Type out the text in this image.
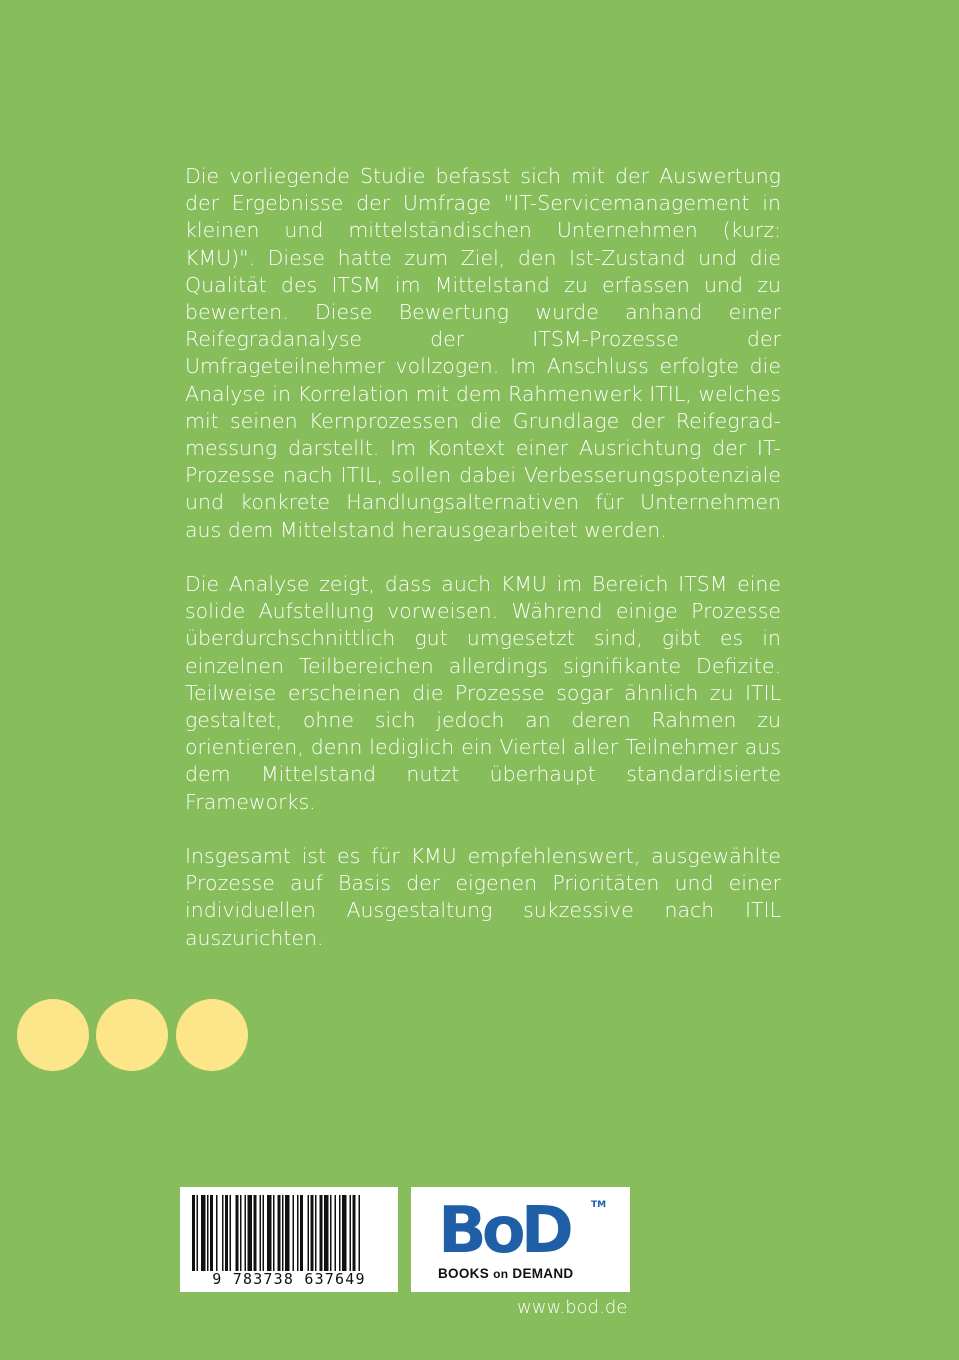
Die vorliegende Studie befasst sich mit der Auswertung der Ergebnisse der Umfrage "IT-Servicemanagement in kleinen und mittelständischen Unternehmen (kurz: KMU)". Diese hatte zum Ziel, den Ist-Zustand und die Qualität des ITSM im Mittelstand zu erfassen und zu bewerten. Diese Bewertung wurde anhand einer Reifegradanalyse der ITSM-Prozesse der Umfrageteilnehmer vollzogen. Im Anschluss erfolgte die Analyse in Korrelation mit dem Rahmenwerk ITIL, welches mit seinen Kernprozessen die Grundlage der Reifegradmessung darstellt. Im Kontext einer Ausrichtung der IT-Prozesse nach ITIL, sollen dabei Verbesserungspotenziale und konkrete Handlungsalternativen für Unternehmen aus dem Mittelstand herausgearbeitet werden.

Die Analyse zeigt, dass auch KMU im Bereich ITSM eine solide Aufstellung vorweisen. Während einige Prozesse überdurchschnittlich gut umgesetzt sind, gibt es in einzelnen Teilbereichen allerdings signifikante Defizite. Teilweise erscheinen die Prozesse sogar ähnlich zu ITIL gestaltet, ohne sich jedoch an deren Rahmen zu orientieren, denn lediglich ein Viertel aller Teilnehmer aus dem Mittelstand nutzt überhaupt standardisierte Frameworks.

Insgesamt ist es für KMU empfehlenswert, ausgewählte Prozesse auf Basis der eigenen Prioritäten und einer individuellen Ausgestaltung sukzessive nach ITIL auszurichten.

9 783738 637649
BoD TM
BOOKS on DEMAND
www.bod.de
